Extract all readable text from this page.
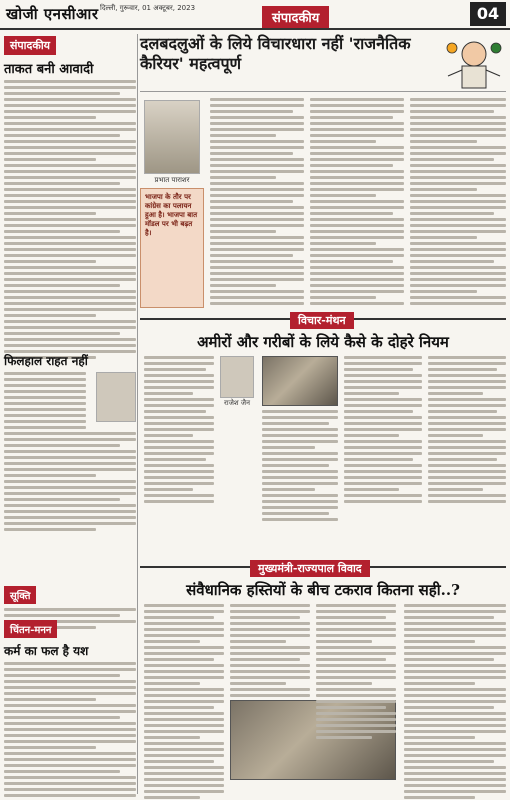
खोजी एनसीआर दिल्ली, गुरूवार, 01 अक्टूबर, 2023
संपादकीय	04
संपादकीय
ताकत बनी आवादी
फिलहाल राहत नहीं
सूक्ति
चिंतन-मनन
कर्म का फल है यश
दलबदलुओं के लिये विचारधारा नहीं 'राजनैतिक कैरियर' महत्वपूर्ण
प्रभात पाराशर
भाजपा के तौर पर कांग्रेस का पलायन हुआ है। भाजपा बात मॉडल पर भी बढ़त है।
विचार-मंथन
अमीरों और गरीबों के लिये कैसे के दोहरे नियम
राजेश जैन
मुख्यमंत्री-राज्यपाल विवाद
संवैधानिक हस्तियों के बीच टकराव कितना सही..?
